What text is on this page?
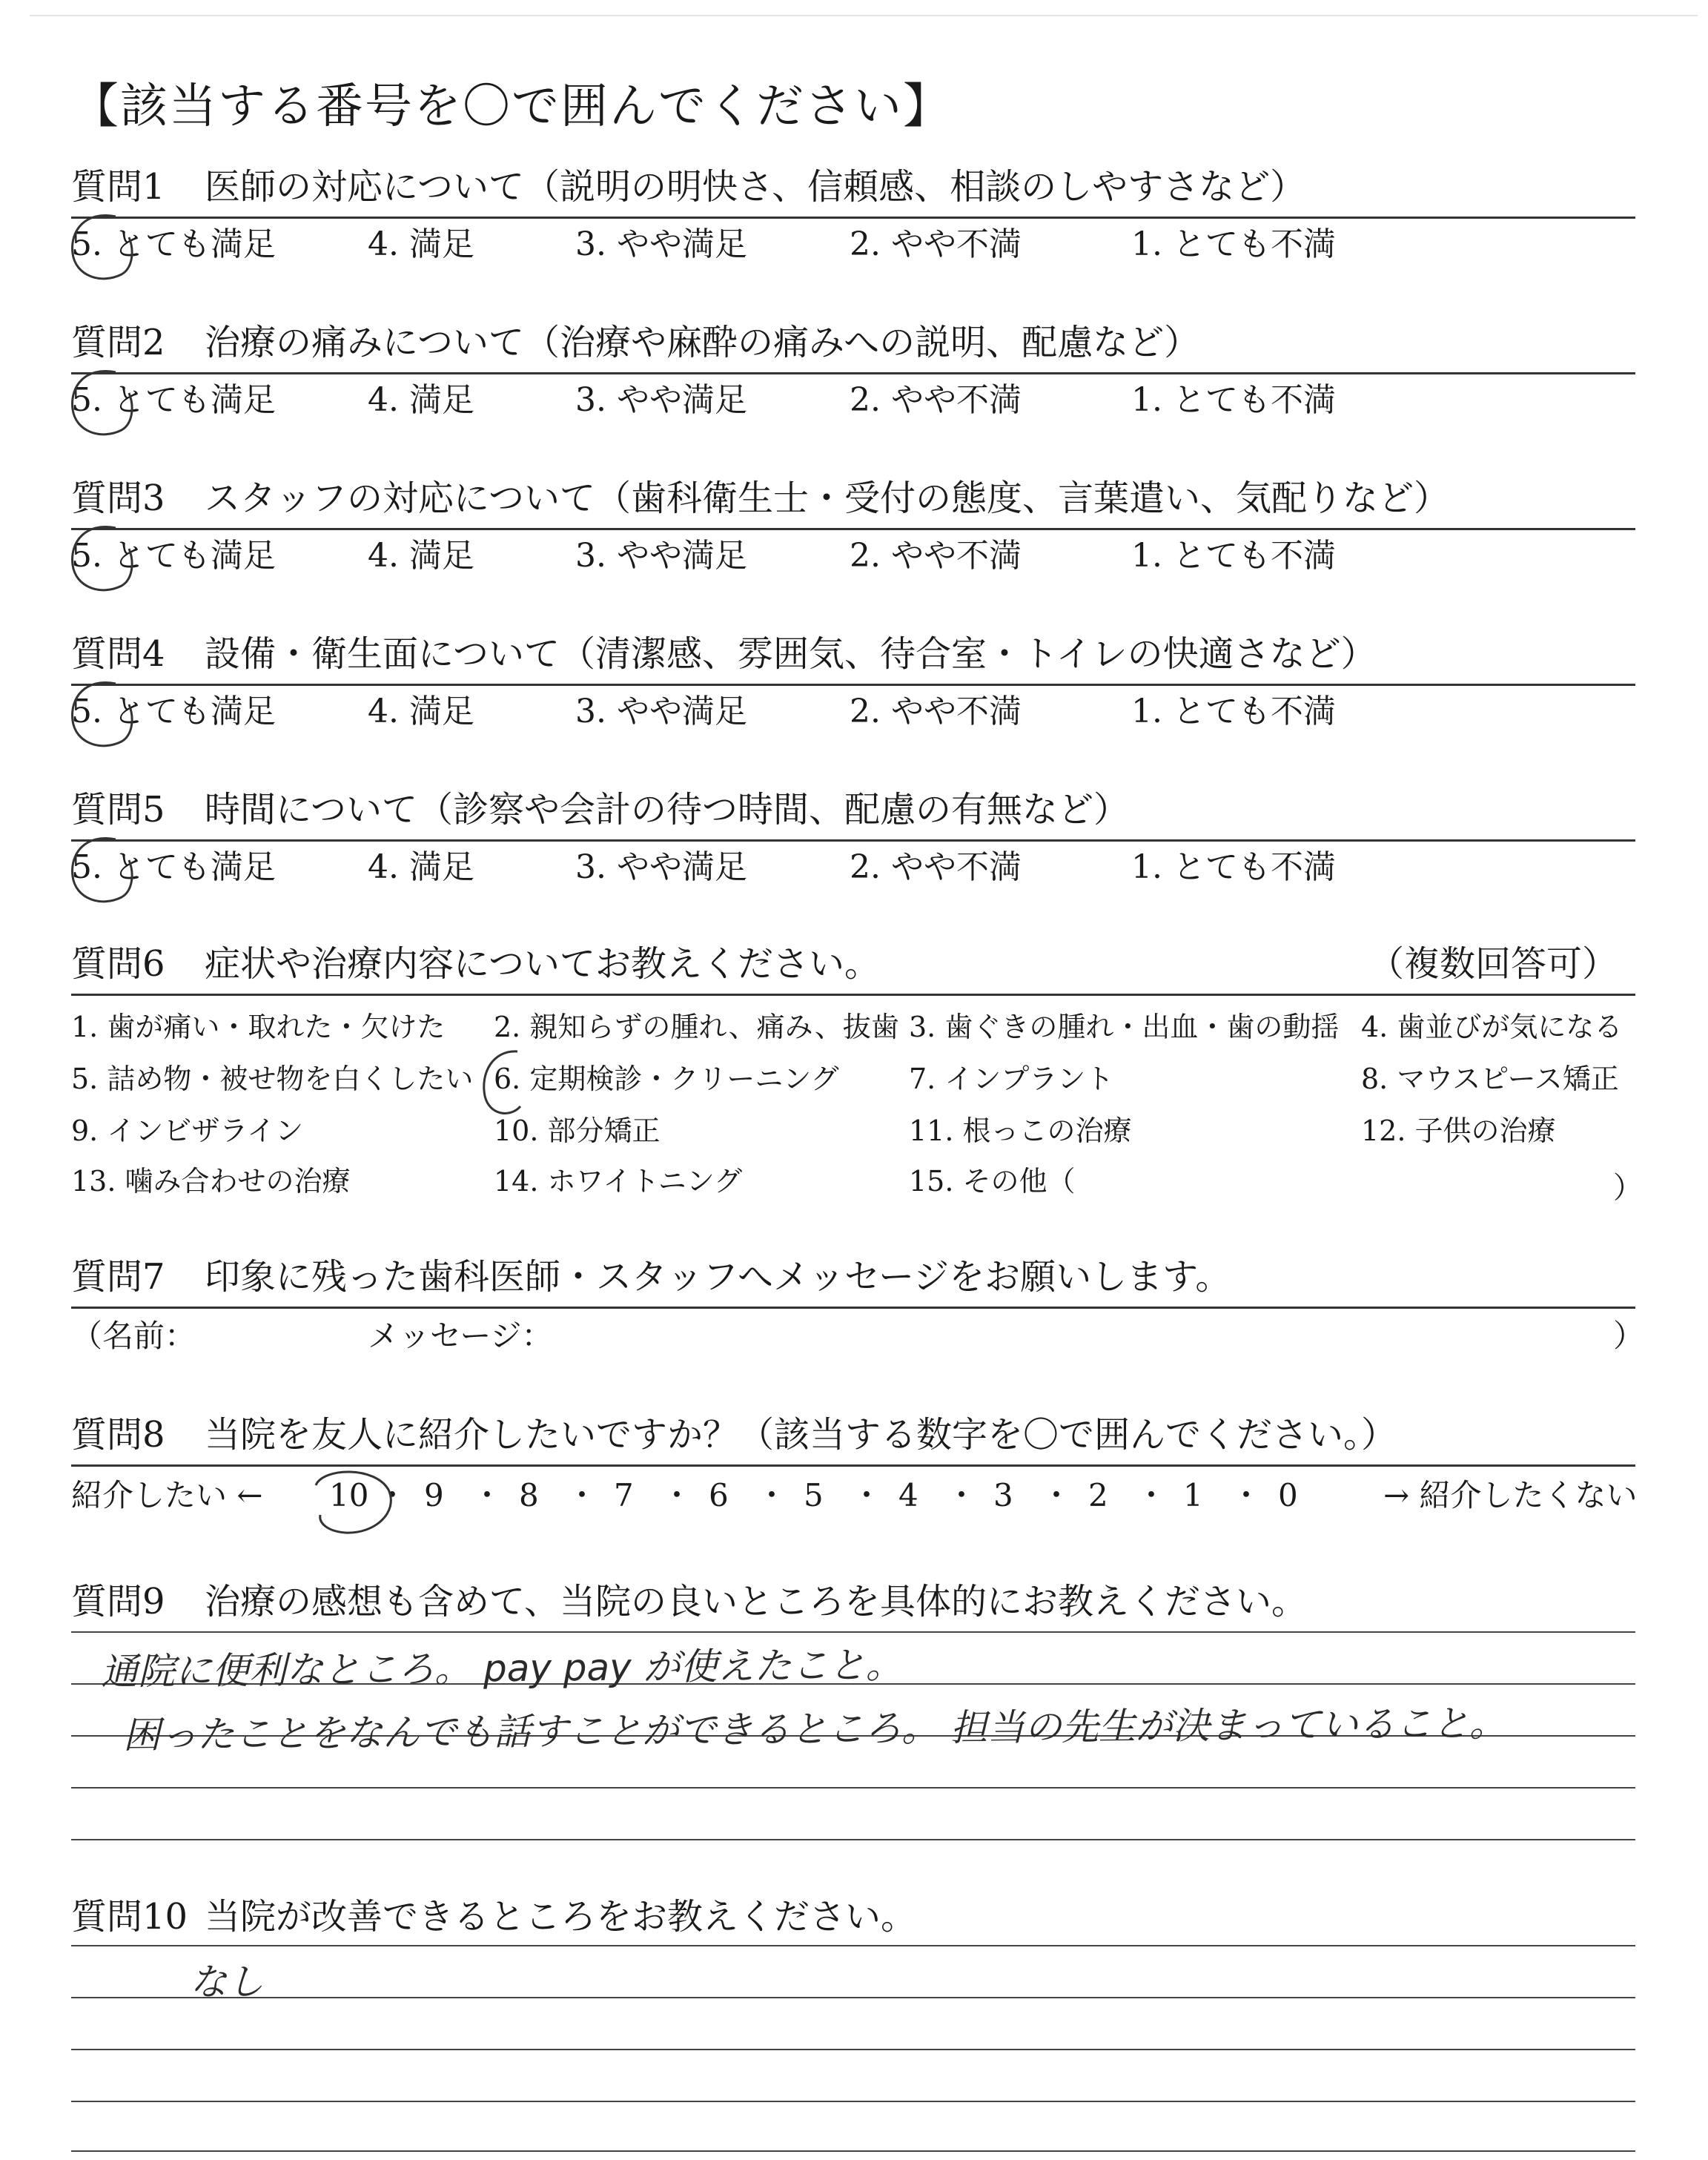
【該当する番号を〇で囲んでください】
質問1 医師の対応について（説明の明快さ、信頼感、相談のしやすさなど）
5. とても満足	4. 満足	3. やや満足	2. やや不満	1. とても不満
質問2 治療の痛みについて（治療や麻酔の痛みへの説明、配慮など）
5. とても満足	4. 満足	3. やや満足	2. やや不満	1. とても不満
質問3 スタッフの対応について（歯科衛生士・受付の態度、言葉遣い、気配りなど）
5. とても満足	4. 満足	3. やや満足	2. やや不満	1. とても不満
質問4 設備・衛生面について（清潔感、雰囲気、待合室・トイレの快適さなど）
5. とても満足	4. 満足	3. やや満足	2. やや不満	1. とても不満
質問5 時間について（診察や会計の待つ時間、配慮の有無など）
5. とても満足	4. 満足	3. やや満足	2. やや不満	1. とても不満
質問6 症状や治療内容についてお教えください。	（複数回答可）
1. 歯が痛い・取れた・欠けた 2. 親知らずの腫れ、痛み、抜歯 3. 歯ぐきの腫れ・出血・歯の動揺 4. 歯並びが気になる
5. 詰め物・被せ物を白くしたい 6. 定期検診・クリーニング 7. インプラント	8. マウスピース矯正
9. インビザライン	10. 部分矯正	11. 根っこの治療	12. 子供の治療
13. 噛み合わせの治療	14. ホワイトニング	15. その他（	）
質問7 印象に残った歯科医師・スタッフへメッセージをお願いします。
（名前：	メッセージ：	）
質問8 当院を友人に紹介したいですか？（該当する数字を〇で囲んでください。）
紹介したい ←	→ 紹介したくない
10 ・ 9 ・ 8 ・ 7 ・ 6 ・ 5 ・ 4 ・ 3 ・ 2 ・ 1 ・ 0
質問9 治療の感想も含めて、当院の良いところを具体的にお教えください。
通院に便利なところ。 pay pay が使えたこと。
困ったことをなんでも話すことができるところ。 担当の先生が決まっていること。
質問10 当院が改善できるところをお教えください。
なし
